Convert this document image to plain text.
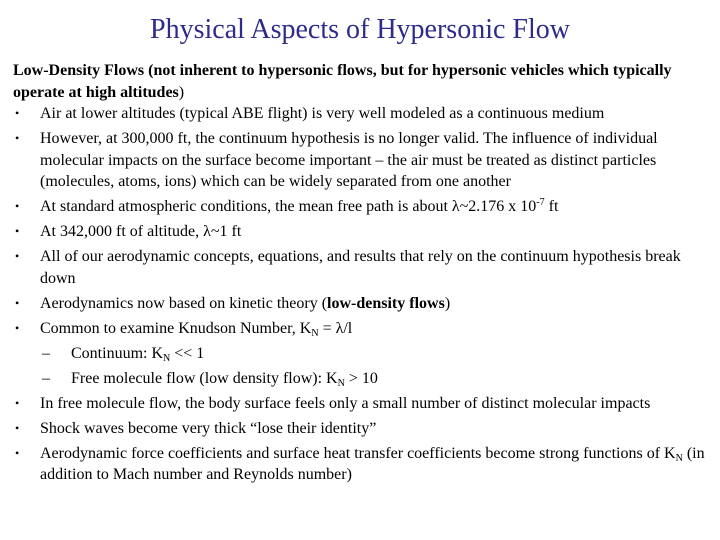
Physical Aspects of Hypersonic Flow

Low-Density Flows (not inherent to hypersonic flows, but for hypersonic vehicles which typically operate at high altitudes)

•	Air at lower altitudes (typical ABE flight) is very well modeled as a continuous medium
•	However, at 300,000 ft, the continuum hypothesis is no longer valid. The influence of individual molecular impacts on the surface become important – the air must be treated as distinct particles (molecules, atoms, ions) which can be widely separated from one another
•	At standard atmospheric conditions, the mean free path is about λ~2.176 x $10^{-7}$ ft
•	At 342,000 ft of altitude, λ~1 ft
•	All of our aerodynamic concepts, equations, and results that rely on the continuum hypothesis break down
•	Aerodynamics now based on kinetic theory (low-density flows)
•	Common to examine Knudson Number, $K_N = \lambda/l$
– Continuum: $K_N << 1$
– Free molecule flow (low density flow): $K_N > 10$
•	In free molecule flow, the body surface feels only a small number of distinct molecular impacts
•	Shock waves become very thick “lose their identity”
•	Aerodynamic force coefficients and surface heat transfer coefficients become strong functions of $K_N$ (in addition to Mach number and Reynolds number)
